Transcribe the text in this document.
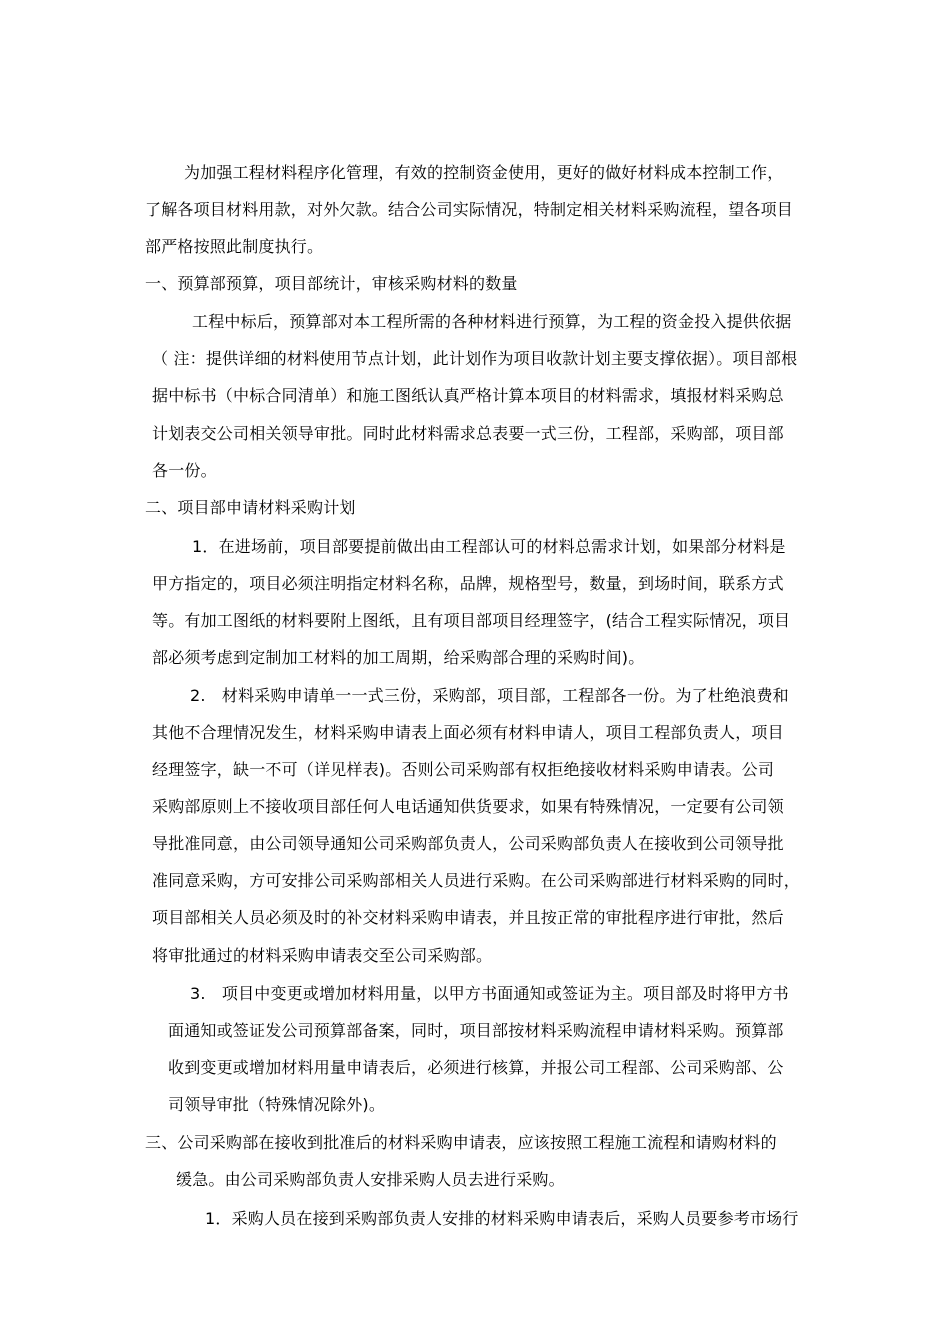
为加强工程材料程序化管理，有效的控制资金使用，更好的做好材料成本控制工作，
了解各项目材料用款，对外欠款。结合公司实际情况，特制定相关材料采购流程，望各项目
部严格按照此制度执行。
一、预算部预算，项目部统计，审核采购材料的数量
工程中标后，预算部对本工程所需的各种材料进行预算，为工程的资金投入提供依据
（ 注：提供详细的材料使用节点计划，此计划作为项目收款计划主要支撑依据）。项目部根
据中标书（中标合同清单）和施工图纸认真严格计算本项目的材料需求，填报材料采购总
计划表交公司相关领导审批。同时此材料需求总表要一式三份，工程部，采购部，项目部
各一份。
二、项目部申请材料采购计划
1．在进场前，项目部要提前做出由工程部认可的材料总需求计划，如果部分材料是
甲方指定的，项目必须注明指定材料名称，品牌，规格型号，数量，到场时间，联系方式
等。有加工图纸的材料要附上图纸，且有项目部项目经理签字，(结合工程实际情况，项目
部必须考虑到定制加工材料的加工周期，给采购部合理的采购时间)。
2.　材料采购申请单一一式三份，采购部，项目部，工程部各一份。为了杜绝浪费和
其他不合理情况发生，材料采购申请表上面必须有材料申请人，项目工程部负责人，项目
经理签字，缺一不可（详见样表)。否则公司采购部有权拒绝接收材料采购申请表。公司
采购部原则上不接收项目部任何人电话通知供货要求，如果有特殊情况，一定要有公司领
导批准同意，由公司领导通知公司采购部负责人，公司采购部负责人在接收到公司领导批
准同意采购，方可安排公司采购部相关人员进行采购。在公司采购部进行材料采购的同时，
项目部相关人员必须及时的补交材料采购申请表，并且按正常的审批程序进行审批，然后
将审批通过的材料采购申请表交至公司采购部。
3.　项目中变更或增加材料用量，以甲方书面通知或签证为主。项目部及时将甲方书
面通知或签证发公司预算部备案，同时，项目部按材料采购流程申请材料采购。预算部
收到变更或增加材料用量申请表后，必须进行核算，并报公司工程部、公司采购部、公
司领导审批（特殊情况除外)。
三、公司采购部在接收到批准后的材料采购申请表，应该按照工程施工流程和请购材料的
缓急。由公司采购部负责人安排采购人员去进行采购。
1．采购人员在接到采购部负责人安排的材料采购申请表后，采购人员要参考市场行
